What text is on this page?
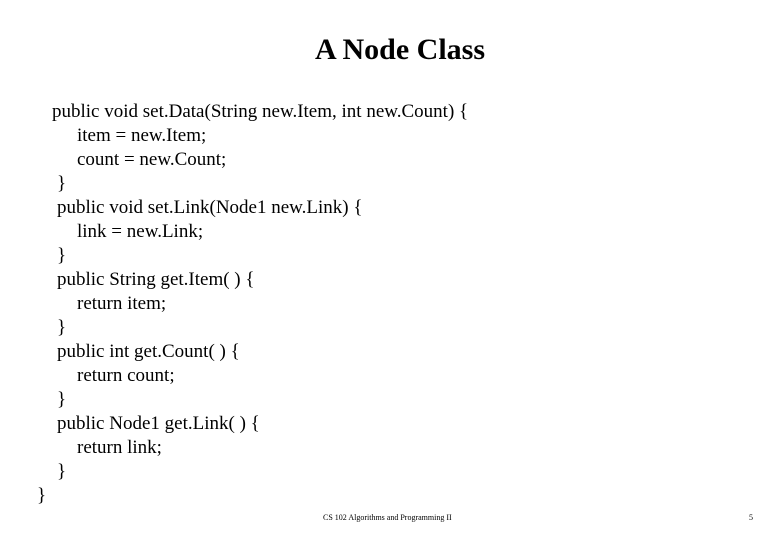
A Node Class
public void set.Data(String new.Item, int new.Count) {
item = new.Item;
count = new.Count;
}
public void set.Link(Node1 new.Link) {
link = new.Link;
}
public String get.Item( ) {
return item;
}
public int get.Count( ) {
return count;
}
public Node1 get.Link( ) {
return link;
}
}
CS 102 Algorithms and Programming II	5
